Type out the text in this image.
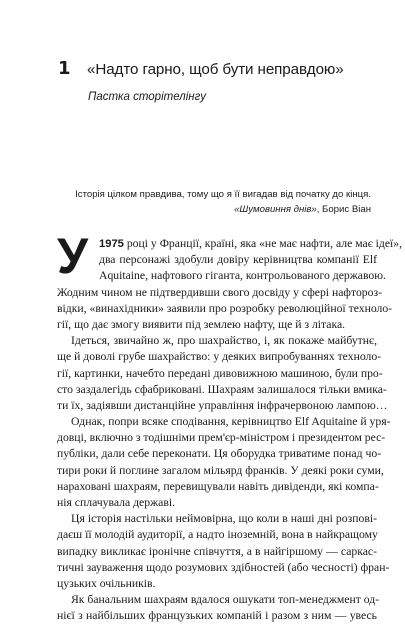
1 «Надто гарно, щоб бути неправдою»
Пастка сторітелінгу
Історія цілком правдива, тому що я її вигадав від початку до кінця.
«Шумовиння днів», Борис Віан
У 1975 році у Франції, країні, яка «не має нафти, але має ідеї»,
два персонажі здобули довіру керівництва компанії Elf
Aquitaine, нафтового гіганта, контрольованого державою.
Жодним чином не підтвердивши свого досвіду у сфері нафтороз-
відки, «винахідники» заявили про розробку революційної техноло-
гії, що дає змогу виявити під землею нафту, ще й з літака.
Ідеться, звичайно ж, про шахрайство, і, як покаже майбутнє,
ще й доволі грубе шахрайство: у деяких випробуваннях техноло-
гії, картинки, начебто передані дивовижною машиною, були про-
сто заздалегідь сфабриковані. Шахраям залишалося тільки вмика-
ти їх, задіявши дистанційне управління інфрачервоною лампою…
Однак, попри всяке сподівання, керівництво Elf Aquitaine й уря-
довці, включно з тодішніми прем'єр-міністром і президентом рес-
публіки, дали себе переконати. Ця оборудка триватиме понад чо-
тири роки й поглине загалом мільярд франків. У деякі роки суми,
нараховані шахраям, перевищували навіть дивіденди, які компа-
нія сплачувала державі.
Ця історія настільки неймовірна, що коли в наші дні розпові-
даєш її молодій аудиторії, а надто іноземній, вона в найкращому
випадку викликає іронічне співчуття, а в найгіршому — саркас-
тичні зауваження щодо розумових здібностей (або чесності) фран-
цузьких очільників.
Як банальним шахраям вдалося ошукати топ-менеджмент од-
нієї з найбільших французьких компаній і разом з ним — увесь
